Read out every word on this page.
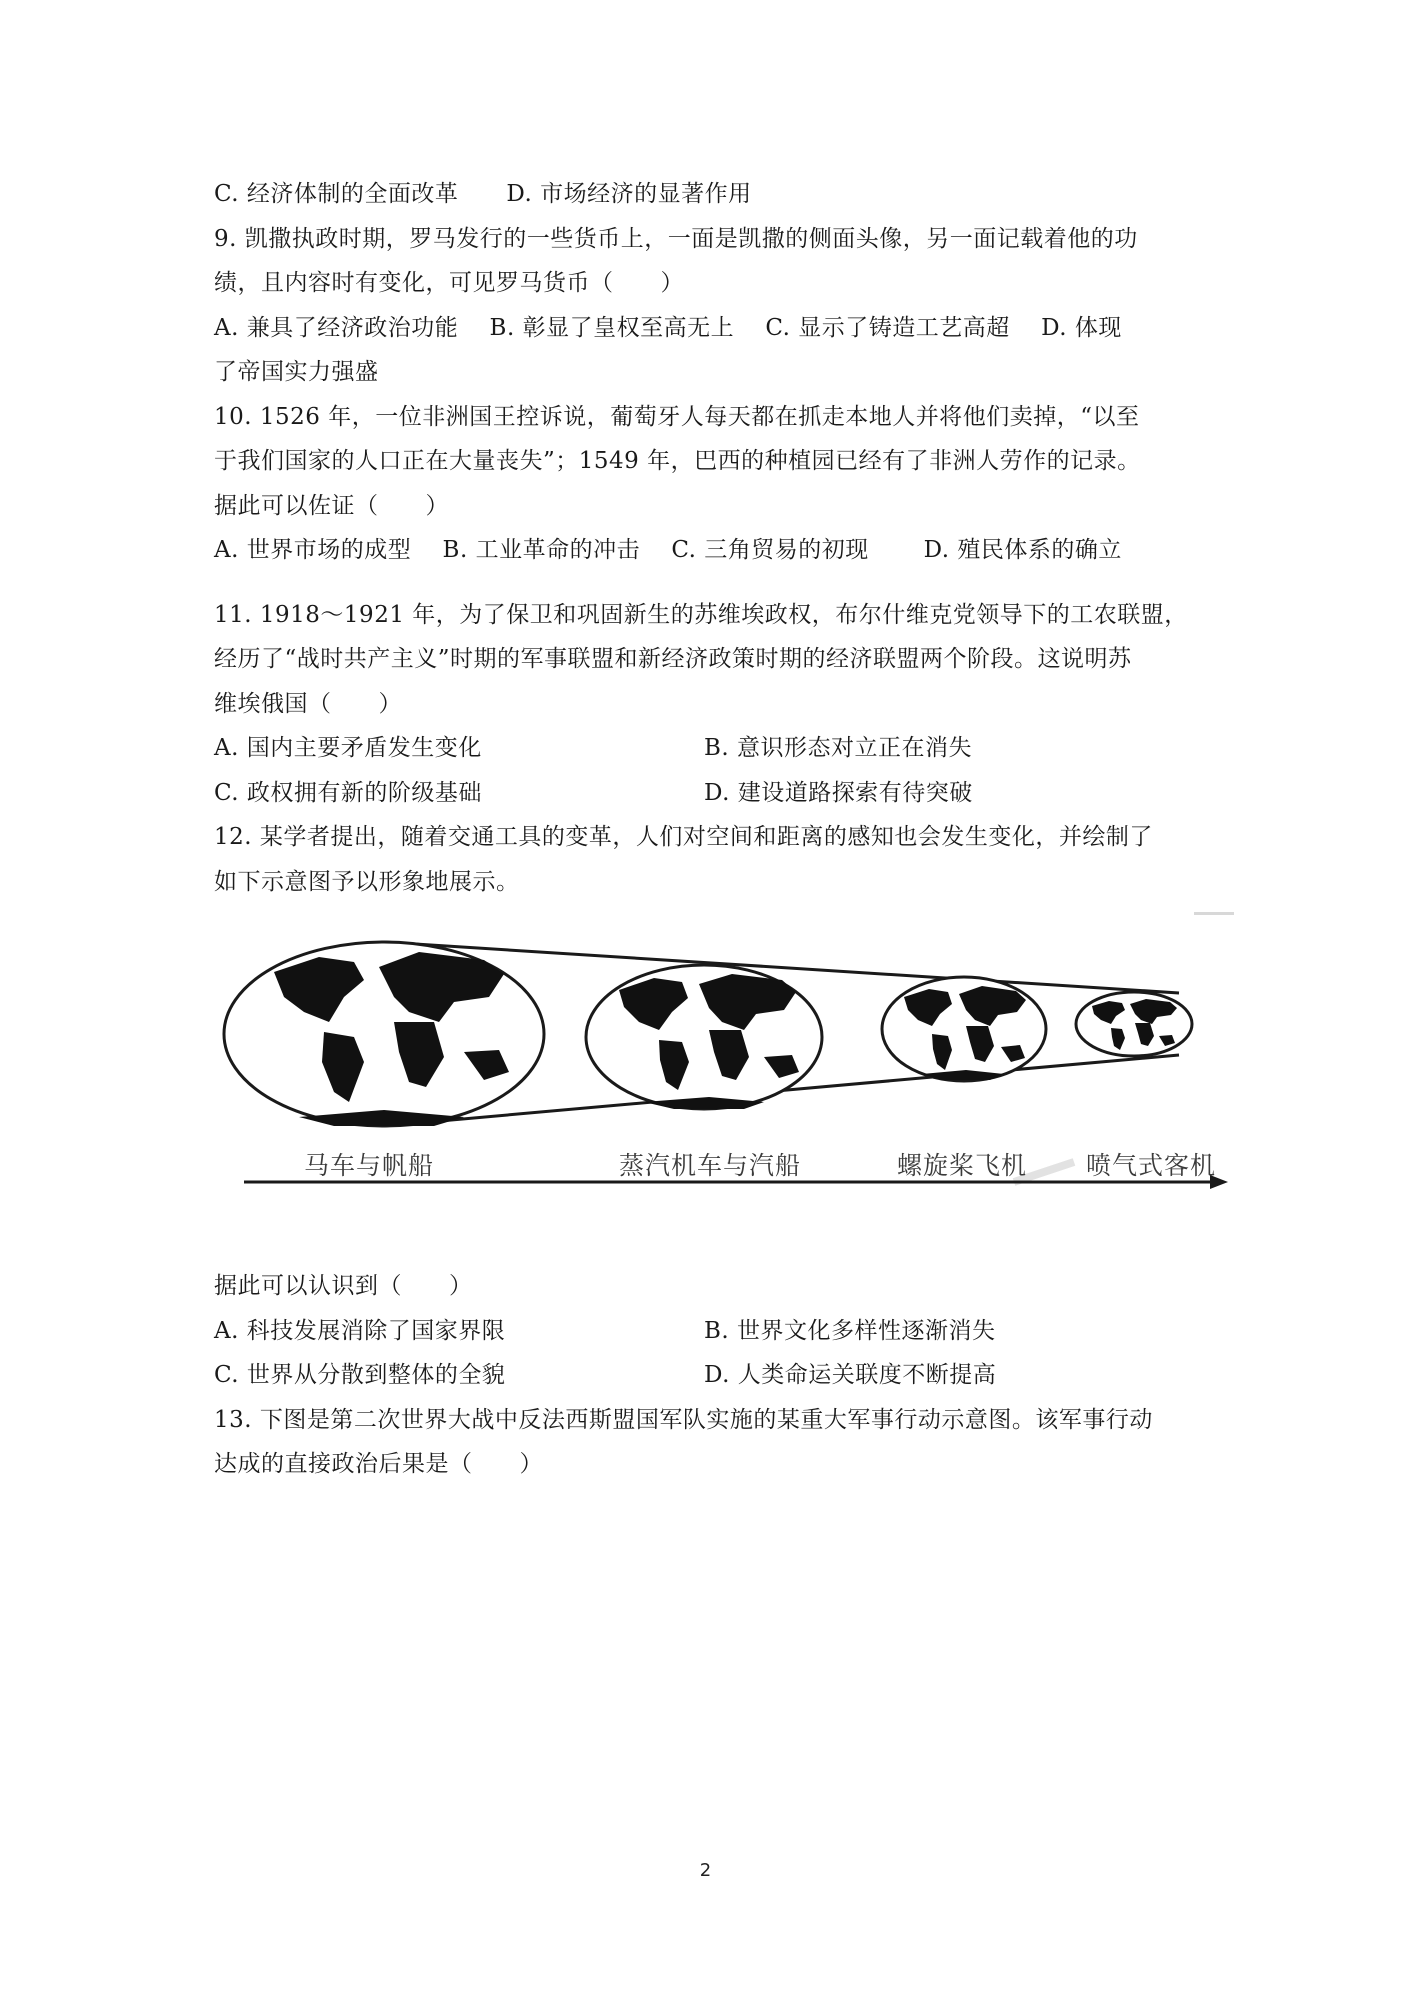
C. 经济体制的全面改革 D. 市场经济的显著作用
9. 凯撒执政时期，罗马发行的一些货币上，一面是凯撒的侧面头像，另一面记载着他的功
绩，且内容时有变化，可见罗马货币（　　）
A. 兼具了经济政治功能　 B. 彰显了皇权至高无上　 C. 显示了铸造工艺高超　 D. 体现
了帝国实力强盛
10. 1526 年，一位非洲国王控诉说，葡萄牙人每天都在抓走本地人并将他们卖掉，“以至
于我们国家的人口正在大量丧失”；1549 年，巴西的种植园已经有了非洲人劳作的记录。
据此可以佐证（　　）
A. 世界市场的成型　 B. 工业革命的冲击　 C. 三角贸易的初现　　 D. 殖民体系的确立
11. 1918～1921 年，为了保卫和巩固新生的苏维埃政权，布尔什维克党领导下的工农联盟，
经历了“战时共产主义”时期的军事联盟和新经济政策时期的经济联盟两个阶段。这说明苏
维埃俄国（　　）
A. 国内主要矛盾发生变化	B. 意识形态对立正在消失
C. 政权拥有新的阶级基础	D. 建设道路探索有待突破
12. 某学者提出，随着交通工具的变革，人们对空间和距离的感知也会发生变化，并绘制了
如下示意图予以形象地展示。
马车与帆船	蒸汽机车与汽船	螺旋桨飞机 喷气式客机
据此可以认识到（　　）
A. 科技发展消除了国家界限	B. 世界文化多样性逐渐消失
C. 世界从分散到整体的全貌	D. 人类命运关联度不断提高
13. 下图是第二次世界大战中反法西斯盟国军队实施的某重大军事行动示意图。该军事行动
达成的直接政治后果是（　　）
2
